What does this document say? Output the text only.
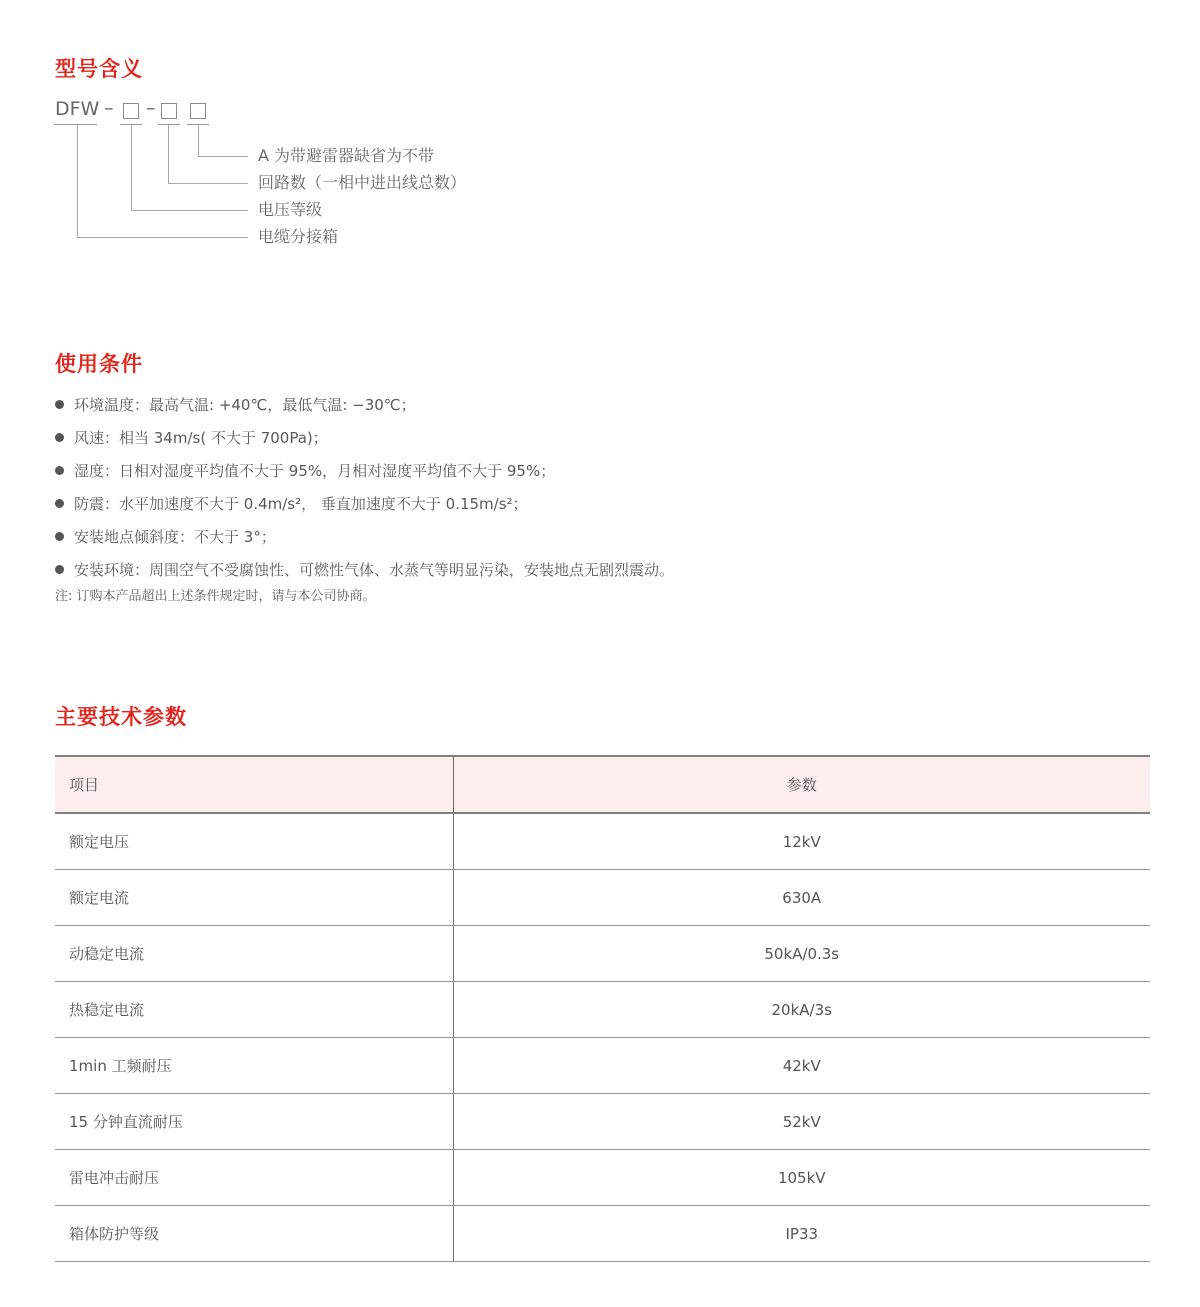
型号含义
DFW – –
A 为带避雷器缺省为不带
回路数（一相中进出线总数）
电压等级
电缆分接箱
使用条件
环境温度：最高气温: +40℃，最低气温: −30℃；
风速：相当 34m/s( 不大于 700Pa)；
湿度：日相对湿度平均值不大于 95%，月相对湿度平均值不大于 95%；
防震：水平加速度不大于 0.4m/s²， 垂直加速度不大于 0.15m/s²；
安装地点倾斜度：不大于 3°；
安装环境：周围空气不受腐蚀性、可燃性气体、水蒸气等明显污染，安装地点无剧烈震动。
注: 订购本产品超出上述条件规定时，请与本公司协商。
主要技术参数
项目	参数
额定电压	12kV
额定电流	630A
动稳定电流	50kA/0.3s
热稳定电流	20kA/3s
1min 工频耐压	42kV
15 分钟直流耐压	52kV
雷电冲击耐压	105kV
箱体防护等级	IP33
